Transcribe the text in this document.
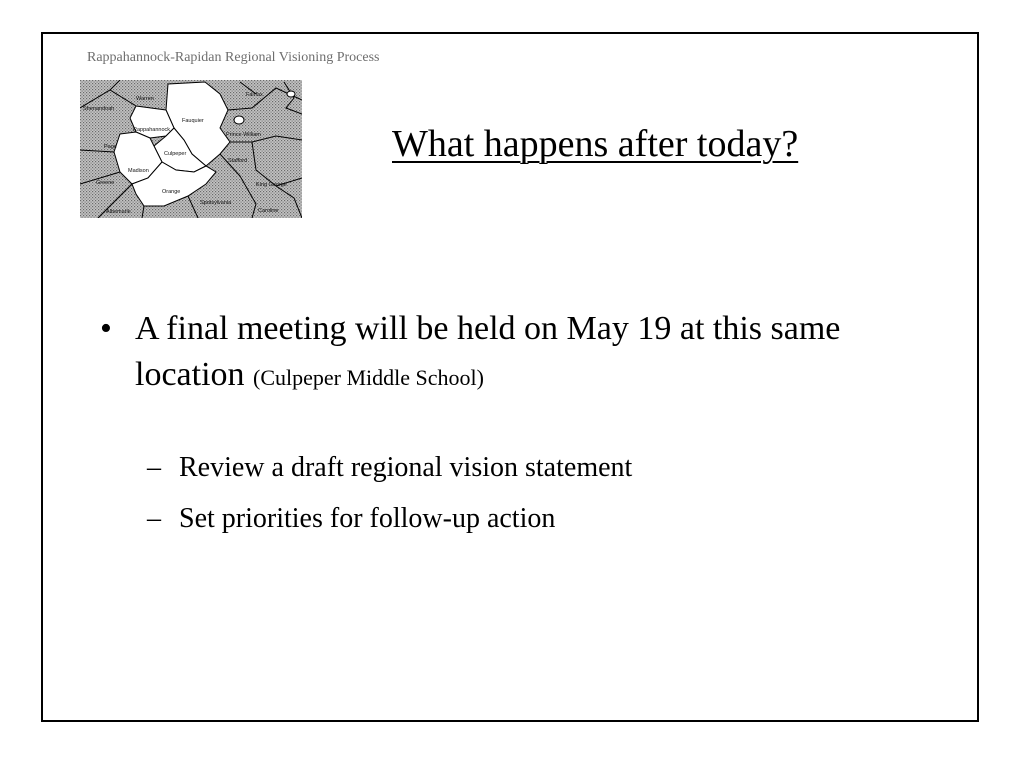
Rappahannock-Rapidan Regional Visioning Process
Shenandoah
Warren
Fauquier
Fairfax
Rappahannock
Prince William
Page
Culpeper
Stafford
Madison
Greene
Orange
King George
Spotsylvania
Albemarle	Caroline
What happens after today?
• A final meeting will be held on May 19 at this same location (Culpeper Middle School)
– Review a draft regional vision statement
– Set priorities for follow-up action
